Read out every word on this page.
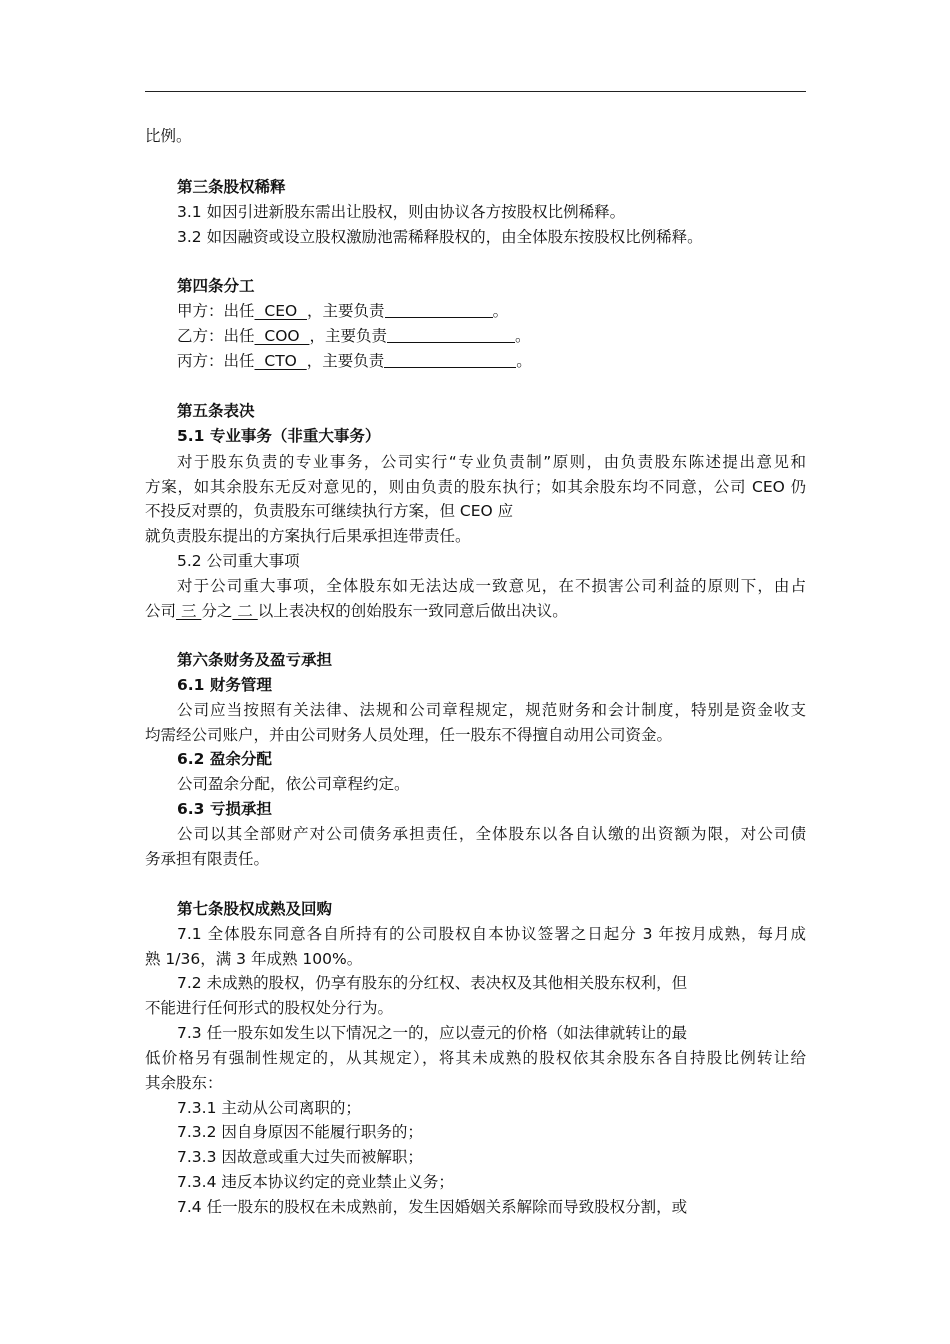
比例。
第三条股权稀释
3.1 如因引进新股东需出让股权，则由协议各方按股权比例稀释。
3.2 如因融资或设立股权激励池需稀释股权的，由全体股东按股权比例稀释。
第四条分工
甲方：出任  CEO  ，主要负责	。
乙方：出任  COO  ，主要负责	。
丙方：出任  CTO  ，主要负责	。
第五条表决
5.1 专业事务（非重大事务）
对于股东负责的专业事务，公司实行“专业负责制”原则，由负责股东陈述提出意见和
方案，如其余股东无反对意见的，则由负责的股东执行；如其余股东均不同意，公司 CEO 仍
不投反对票的，负责股东可继续执行方案，但 CEO 应
就负责股东提出的方案执行后果承担连带责任。
5.2 公司重大事项
对于公司重大事项，全体股东如无法达成一致意见，在不损害公司利益的原则下，由占
公司 三 分之 二 以上表决权的创始股东一致同意后做出决议。
第六条财务及盈亏承担
6.1 财务管理
公司应当按照有关法律、法规和公司章程规定，规范财务和会计制度，特别是资金收支
均需经公司账户，并由公司财务人员处理，任一股东不得擅自动用公司资金。
6.2 盈余分配
公司盈余分配，依公司章程约定。
6.3 亏损承担
公司以其全部财产对公司债务承担责任，全体股东以各自认缴的出资额为限，对公司债
务承担有限责任。
第七条股权成熟及回购
7.1 全体股东同意各自所持有的公司股权自本协议签署之日起分 3 年按月成熟，每月成
熟 1/36，满 3 年成熟 100%。
7.2 未成熟的股权，仍享有股东的分红权、表决权及其他相关股东权利，但
不能进行任何形式的股权处分行为。
7.3 任一股东如发生以下情况之一的，应以壹元的价格（如法律就转让的最
低价格另有强制性规定的，从其规定），将其未成熟的股权依其余股东各自持股比例转让给
其余股东：
7.3.1 主动从公司离职的；
7.3.2 因自身原因不能履行职务的；
7.3.3 因故意或重大过失而被解职；
7.3.4 违反本协议约定的竞业禁止义务；
7.4 任一股东的股权在未成熟前，发生因婚姻关系解除而导致股权分割，或
